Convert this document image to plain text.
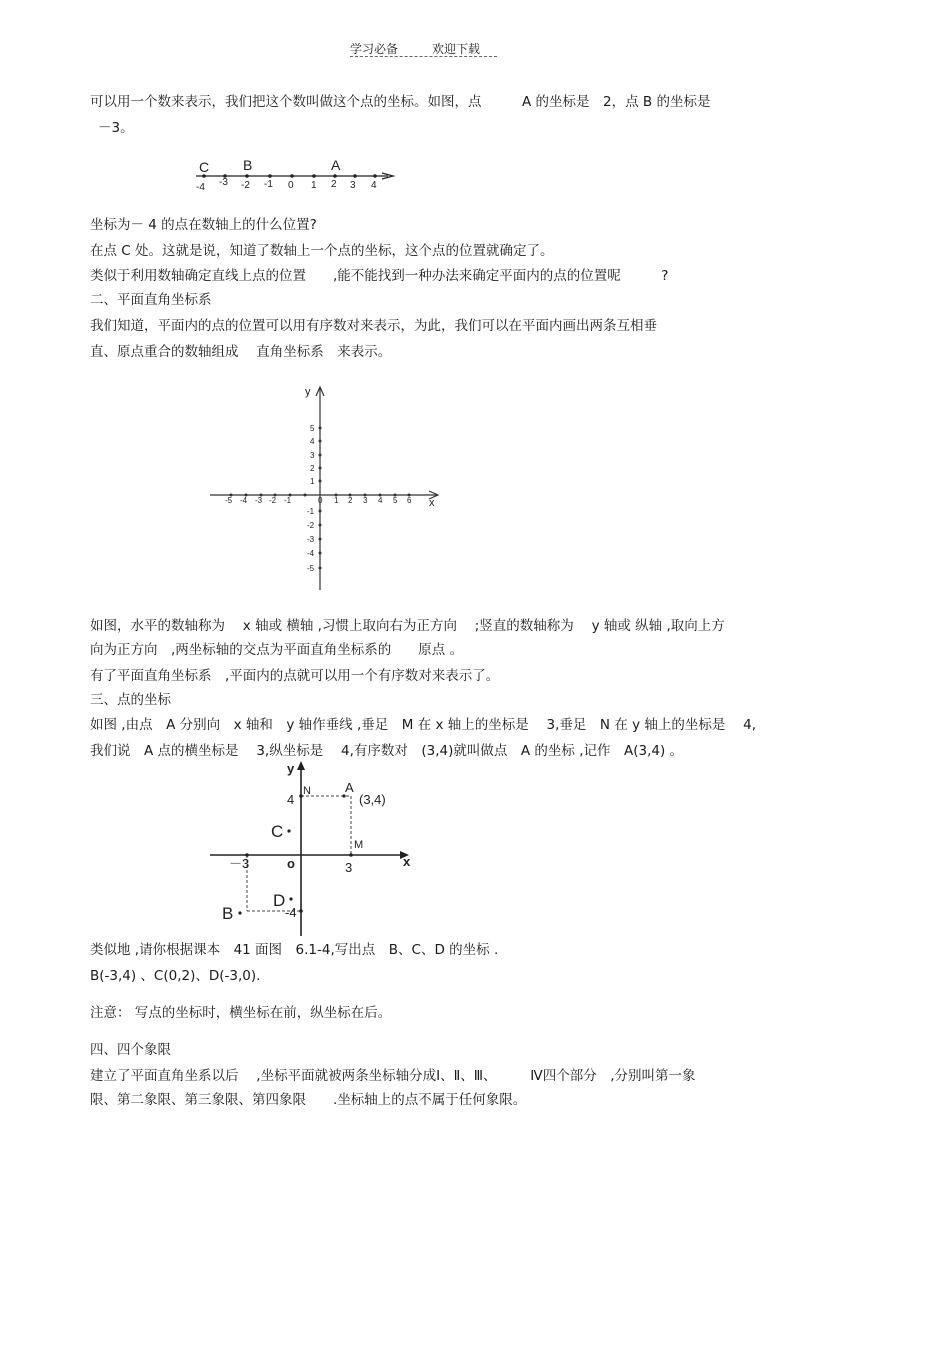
学习必备	欢迎下载
可以用一个数来表示，我们把这个数叫做这个点的坐标。如图，点　　　A 的坐标是　2，点 B 的坐标是
－3。
C B	A
-4 -3 -2 -1 0 1 2 3 4
坐标为－ 4 的点在数轴上的什么位置?
在点 C 处。这就是说，知道了数轴上一个点的坐标，这个点的位置就确定了。
类似于利用数轴确定直线上点的位置　　,能不能找到一种办法来确定平面内的点的位置呢　　　?
二、平面直角坐标系
我们知道，平面内的点的位置可以用有序数对来表示，为此，我们可以在平面内画出两条互相垂
直、原点重合的数轴组成　 直角坐标系　来表示。
y
x
-5 -4 -3 -2 -1	0 1 2 3 4 5 6
5
4
3
2
1
-1
-2
-3
-4
-5
如图，水平的数轴称为　 x 轴或 横轴 ,习惯上取向右为正方向　 ;竖直的数轴称为　 y 轴或 纵轴 ,取向上方
向为正方向　,两坐标轴的交点为平面直角坐标系的　　原点 。
有了平面直角坐标系　,平面内的点就可以用一个有序数对来表示了。
三、点的坐标
如图 ,由点　A 分别向　x 轴和　y 轴作垂线 ,垂足　M 在 x 轴上的坐标是　 3,垂足　N 在 y 轴上的坐标是　 4,
我们说　A 点的横坐标是　 3,纵坐标是　 4,有序数对　(3,4)就叫做点　A 的坐标 ,记作　A(3,4) 。
y
x
o
4
N	A
(3,4)
C
M
－3	3
D
B	-4
类似地 ,请你根据课本　41 面图　6.1-4,写出点　B、C、D 的坐标 .
B(-3,4) 、C(0,2)、D(-3,0).
注意： 写点的坐标时，横坐标在前，纵坐标在后。
四、四个象限
建立了平面直角坐系以后　 ,坐标平面就被两条坐标轴分成Ⅰ、Ⅱ、Ⅲ、　　　Ⅳ四个部分　,分别叫第一象
限、第二象限、第三象限、第四象限　　.坐标轴上的点不属于任何象限。
